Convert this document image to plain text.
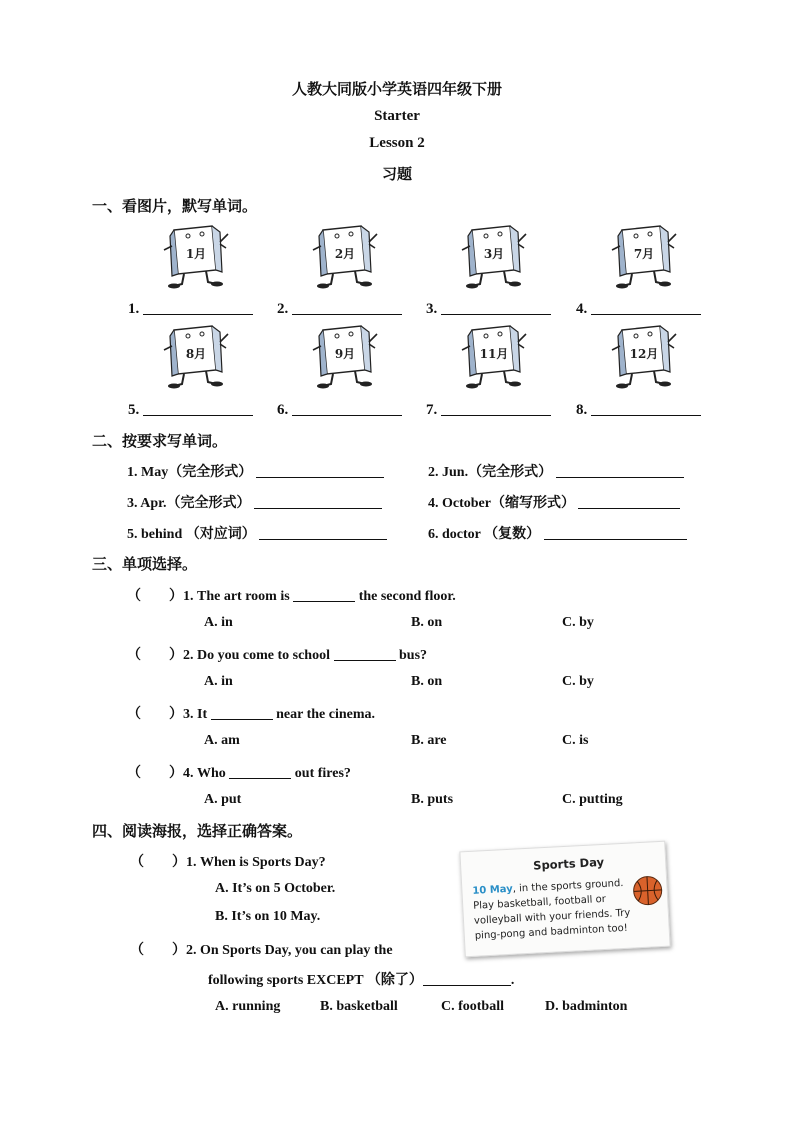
人教大同版小学英语四年级下册
Starter
Lesson 2
习题
一、看图片，默写单词。
1月
1.
2月
2.
3月
3.
7月
4.
8月
5.
9月
6.
11月
7.
12月
8.
二、按要求写单词。
1. May（完全形式）	2. Jun.（完全形式）
3. Apr.（完全形式）	4. October（缩写形式）
5. behind （对应词）	6. doctor （复数）
三、单项选择。
（　　）1. The art room is	the second floor.
A. in	B. on	C. by
（　　）2. Do you come to school	bus?
A. in	B. on	C. by
（　　）3. It	near the cinema.
A. am	B. are	C. is
（　　）4. Who	out fires?
A. put	B. puts	C. putting
四、阅读海报，选择正确答案。
（　　）1. When is Sports Day?
A. It’s on 5 October.
B. It’s on 10 May.
（　　）2. On Sports Day, you can play the
following sports EXCEPT （除了）	.
A. running	B. basketball	C. football	D. badminton
Sports Day
10 May, in the sports ground. Play basketball, football or volleyball with your friends. Try ping-pong and badminton too!
